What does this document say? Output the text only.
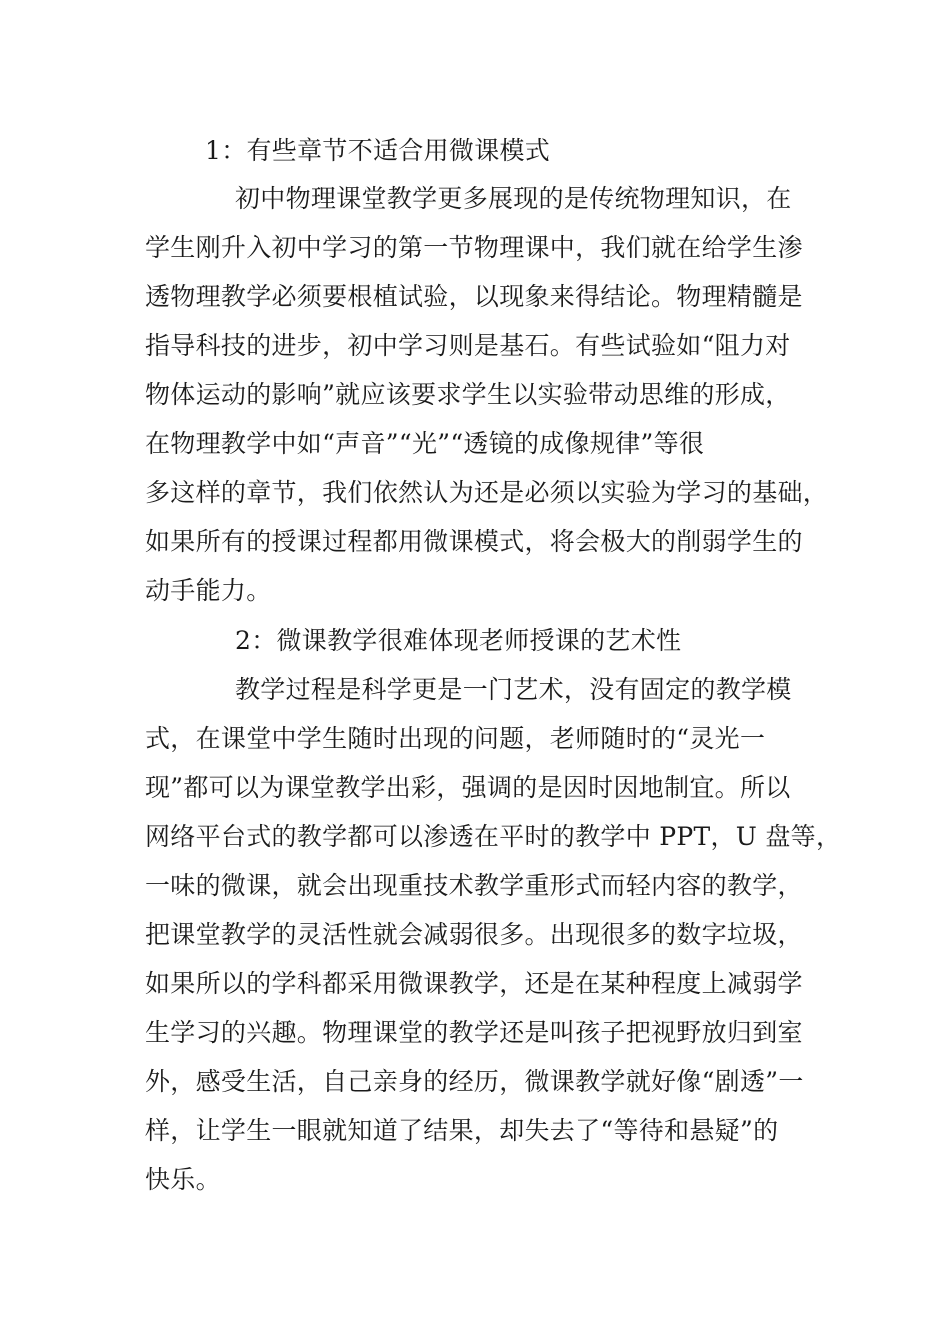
1：有些章节不适合用微课模式
初中物理课堂教学更多展现的是传统物理知识，在
学生刚升入初中学习的第一节物理课中，我们就在给学生渗
透物理教学必须要根植试验，以现象来得结论。物理精髓是
指导科技的进步，初中学习则是基石。有些试验如“阻力对
物体运动的影响”就应该要求学生以实验带动思维的形成，
在物理教学中如“声音”“光”“透镜的成像规律”等很
多这样的章节，我们依然认为还是必须以实验为学习的基础，
如果所有的授课过程都用微课模式，将会极大的削弱学生的
动手能力。
2：微课教学很难体现老师授课的艺术性
教学过程是科学更是一门艺术，没有固定的教学模
式，在课堂中学生随时出现的问题，老师随时的“灵光一
现”都可以为课堂教学出彩，强调的是因时因地制宜。所以
网络平台式的教学都可以渗透在平时的教学中 PPT，U 盘等，
一味的微课，就会出现重技术教学重形式而轻内容的教学，
把课堂教学的灵活性就会减弱很多。出现很多的数字垃圾，
如果所以的学科都采用微课教学，还是在某种程度上减弱学
生学习的兴趣。物理课堂的教学还是叫孩子把视野放归到室
外，感受生活，自己亲身的经历，微课教学就好像“剧透”一
样，让学生一眼就知道了结果，却失去了“等待和悬疑”的
快乐。
